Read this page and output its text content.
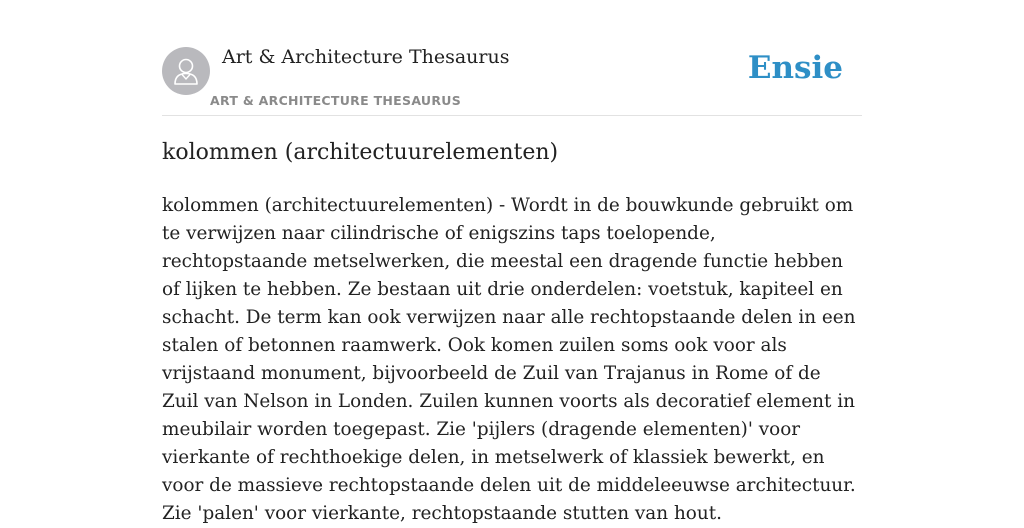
Art & Architecture Thesaurus
ART & ARCHITECTURE THESAURUS
Ensie
kolommen (architectuurelementen)

kolommen (architectuurelementen) - Wordt in de bouwkunde gebruikt om te verwijzen naar cilindrische of enigszins taps toelopende, rechtopstaande metselwerken, die meestal een dragende functie hebben of lijken te hebben. Ze bestaan uit drie onderdelen: voetstuk, kapiteel en schacht. De term kan ook verwijzen naar alle rechtopstaande delen in een stalen of betonnen raamwerk. Ook komen zuilen soms ook voor als vrijstaand monument, bijvoorbeeld de Zuil van Trajanus in Rome of de Zuil van Nelson in Londen. Zuilen kunnen voorts als decoratief element in meubilair worden toegepast. Zie 'pijlers (dragende elementen)' voor vierkante of rechthoekige delen, in metselwerk of klassiek bewerkt, en voor de massieve rechtopstaande delen uit de middeleeuwse architectuur. Zie 'palen' voor vierkante, rechtopstaande stutten van hout.
